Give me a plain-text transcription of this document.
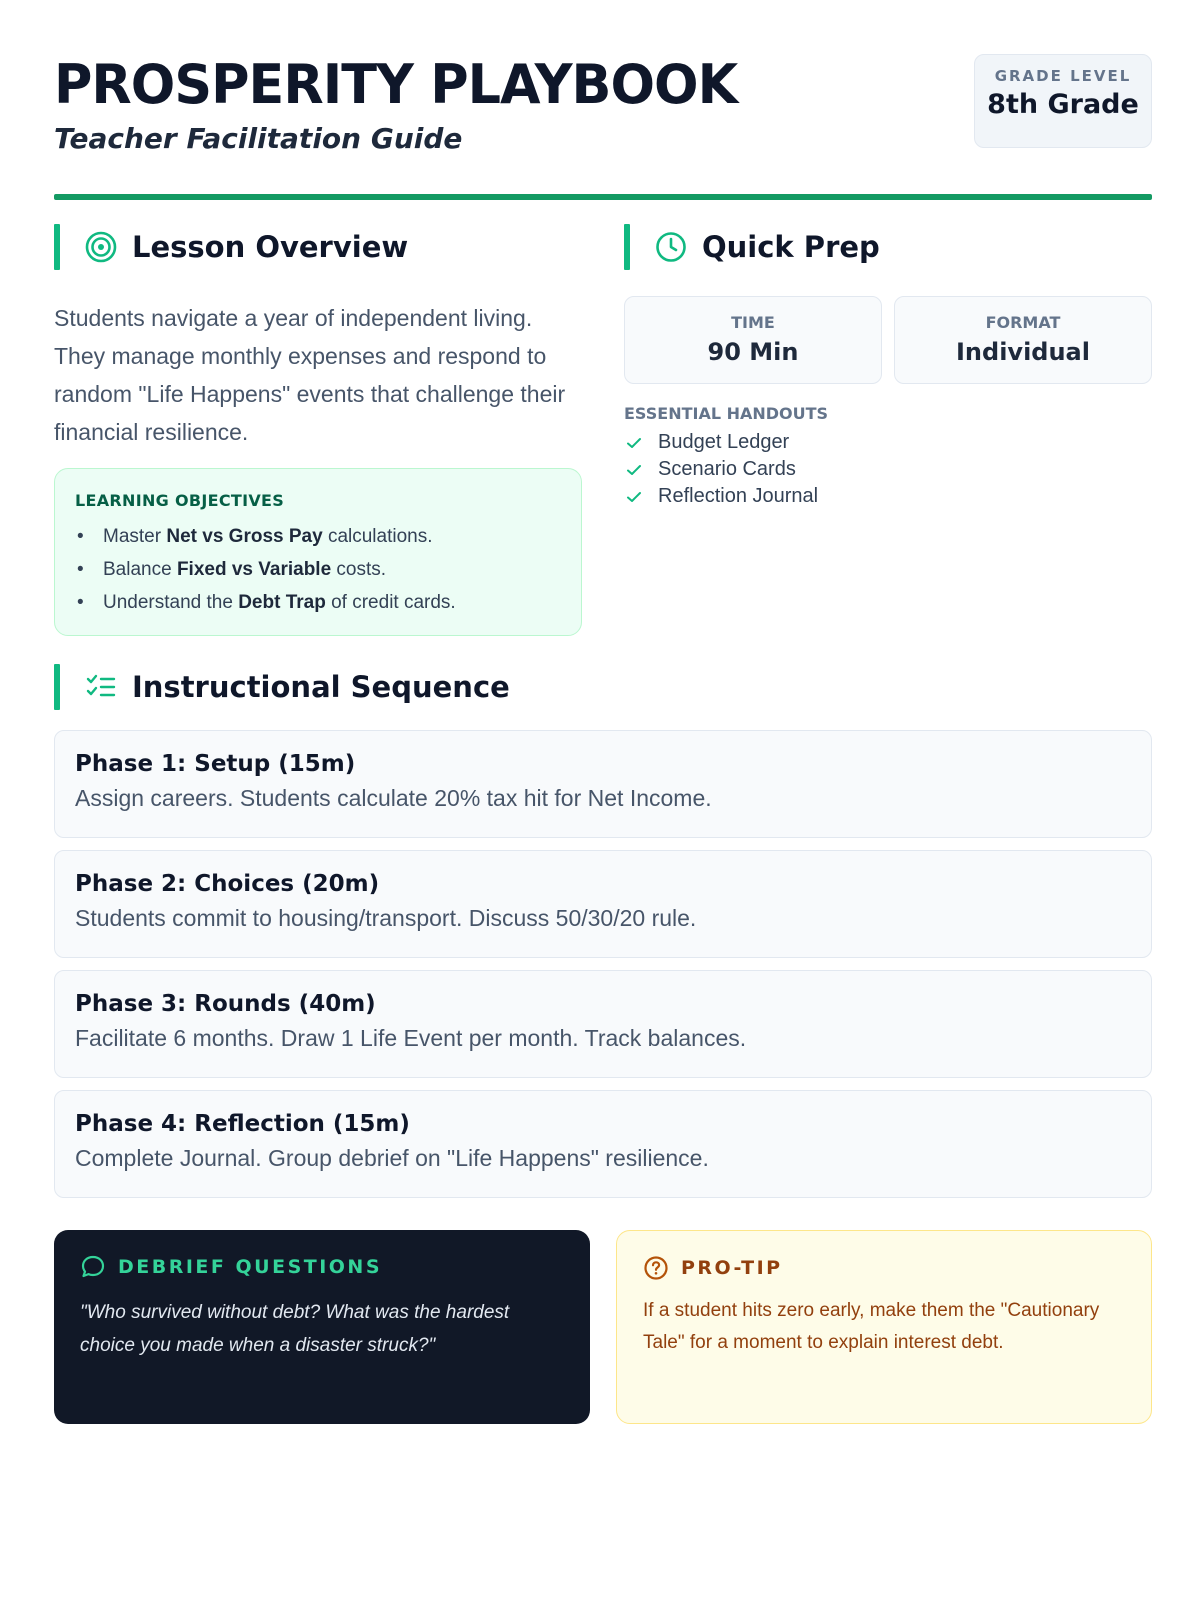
PROSPERITY PLAYBOOK
Teacher Facilitation Guide
GRADE LEVEL
8th Grade
Lesson Overview
Students navigate a year of independent living. They manage monthly expenses and respond to random "Life Happens" events that challenge their financial resilience.
LEARNING OBJECTIVES
• Master Net vs Gross Pay calculations.
• Balance Fixed vs Variable costs.
• Understand the Debt Trap of credit cards.
Quick Prep
TIME
90 Min
FORMAT
Individual
ESSENTIAL HANDOUTS
Budget Ledger
Scenario Cards
Reflection Journal
Instructional Sequence
Phase 1: Setup (15m)
Assign careers. Students calculate 20% tax hit for Net Income.
Phase 2: Choices (20m)
Students commit to housing/transport. Discuss 50/30/20 rule.
Phase 3: Rounds (40m)
Facilitate 6 months. Draw 1 Life Event per month. Track balances.
Phase 4: Reflection (15m)
Complete Journal. Group debrief on "Life Happens" resilience.
DEBRIEF QUESTIONS
"Who survived without debt? What was the hardest choice you made when a disaster struck?"
PRO-TIP
If a student hits zero early, make them the "Cautionary Tale" for a moment to explain interest debt.
